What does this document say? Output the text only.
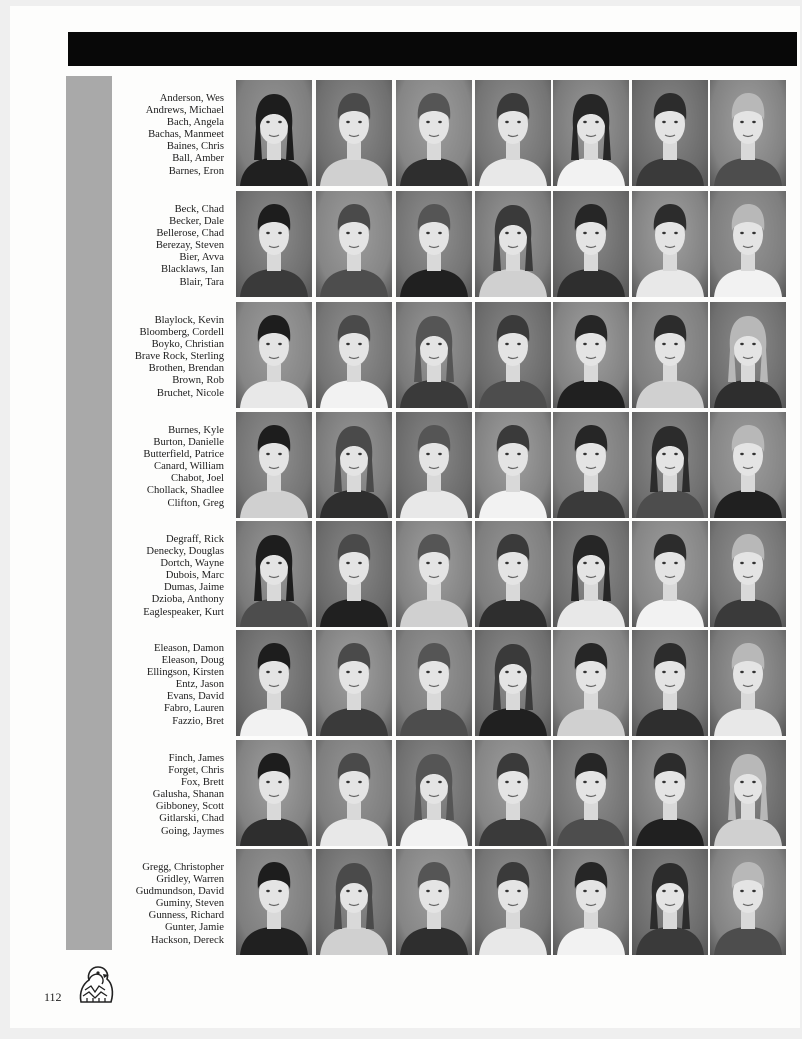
Anderson, Wes
Andrews, Michael
Bach, Angela
Bachas, Manmeet
Baines, Chris
Ball, Amber
Barnes, Eron
Beck, Chad
Becker, Dale
Bellerose, Chad
Berezay, Steven
Bier, Avva
Blacklaws, Ian
Blair, Tara
Blaylock, Kevin
Bloomberg, Cordell
Boyko, Christian
Brave Rock, Sterling
Brothen, Brendan
Brown, Rob
Bruchet, Nicole
Burnes, Kyle
Burton, Danielle
Butterfield, Patrice
Canard, William
Chabot, Joel
Chollack, Shadlee
Clifton, Greg
Degraff, Rick
Denecky, Douglas
Dortch, Wayne
Dubois, Marc
Dumas, Jaime
Dzioba, Anthony
Eaglespeaker, Kurt
Eleason, Damon
Eleason, Doug
Ellingson, Kirsten
Entz, Jason
Evans, David
Fabro, Lauren
Fazzio, Bret
Finch, James
Forget, Chris
Fox, Brett
Galusha, Shanan
Gibboney, Scott
Gitlarski, Chad
Going, Jaymes
Gregg, Christopher
Gridley, Warren
Gudmundson, David
Guminy, Steven
Gunness, Richard
Gunter, Jamie
Hackson, Dereck
112
